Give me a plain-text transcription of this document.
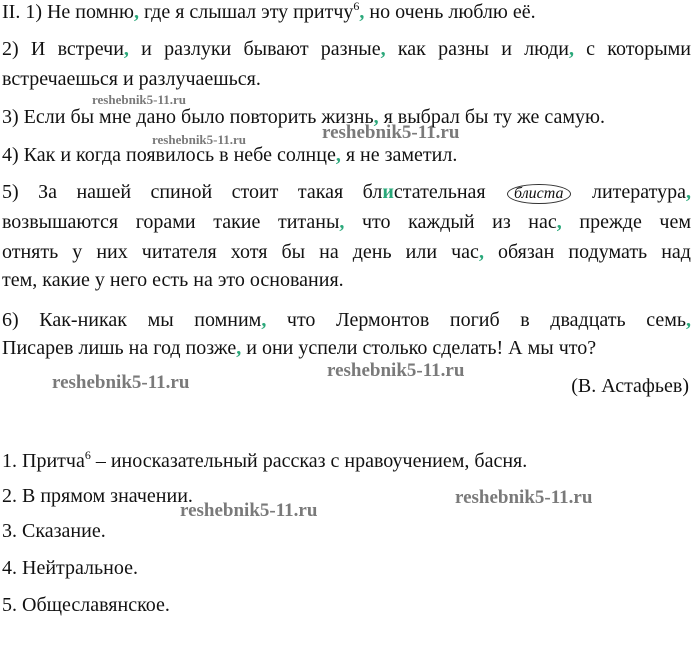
II. 1) Не помню, где я слышал эту притчу$^6$, но очень люблю её.
2) И встречи, и разлуки бывают разные, как разны и люди, с которыми
встречаешься и разлучаешься.
3) Если бы мне дано было повторить жизнь, я выбрал бы ту же самую.
4) Как и когда появилось в небе солнце, я не заметил.
5) За нашей спиной стоит такая блистательная блиста литература,
возвышаются горами такие титаны, что каждый из нас, прежде чем
отнять у них читателя хотя бы на день или час, обязан подумать над
тем, какие у него есть на это основания.
6) Как-никак мы помним, что Лермонтов погиб в двадцать семь,
Писарев лишь на год позже, и они успели столько сделать! А мы что?
(В. Астафьев)
1. Притча$^6$ – иносказательный рассказ с нравоучением, басня.
2. В прямом значении.
3. Сказание.
4. Нейтральное.
5. Общеславянское.
reshebnik5-11.ru
reshebnik5-11.ru	reshebnik5-11.ru
reshebnik5-11.ru
reshebnik5-11.ru
reshebnik5-11.ru
reshebnik5-11.ru
